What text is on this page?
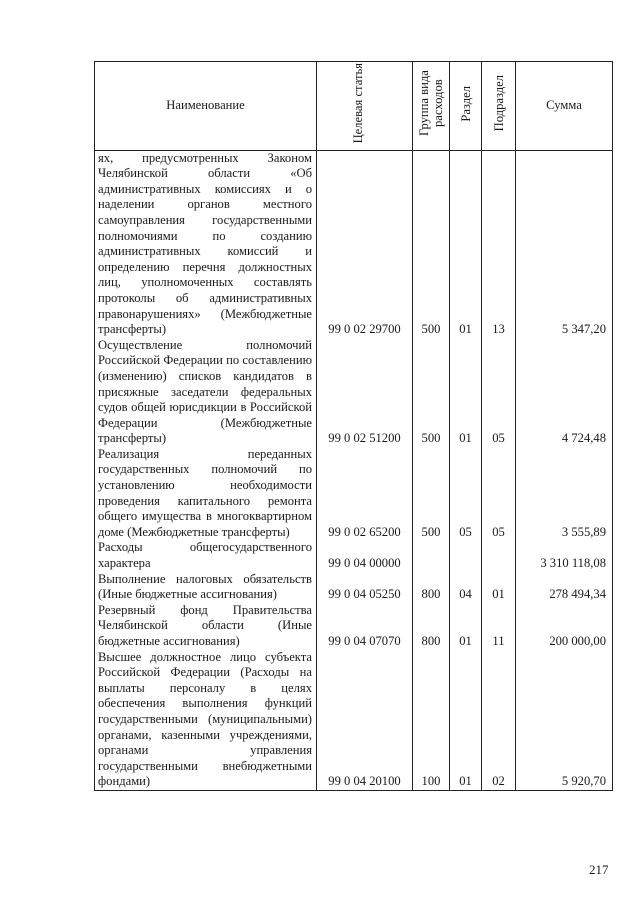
Наименование	Целевая статья	Группа вида расходов	Раздел	Подраздел	Сумма
ях, предусмотренных Законом Челябинской области «Об административных комиссиях и о наделении органов местного самоуправления государственными полномочиями по созданию административных комиссий и определению перечня должностных лиц, уполномоченных составлять протоколы об административных правонарушениях» (Межбюджетные трансферты)	99 0 02 29700	500	01	13	5 347,20
Осуществление полномочий Российской Федерации по составлению (изменению) списков кандидатов в присяжные заседатели федеральных судов общей юрисдикции в Российской Федерации (Межбюджетные трансферты)	99 0 02 51200	500	01	05	4 724,48
Реализация переданных государственных полномочий по установлению необходимости проведения капитального ремонта общего имущества в многоквартирном доме (Межбюджетные трансферты)	99 0 02 65200	500	05	05	3 555,89
Расходы общегосударственного характера	99 0 04 00000				3 310 118,08
Выполнение налоговых обязательств (Иные бюджетные ассигнования)	99 0 04 05250	800	04	01	278 494,34
Резервный фонд Правительства Челябинской области (Иные бюджетные ассигнования)	99 0 04 07070	800	01	11	200 000,00
Высшее должностное лицо субъекта Российской Федерации (Расходы на выплаты персоналу в целях обеспечения выполнения функций государственными (муниципальными) органами, казенными учреждениями, органами управления государственными внебюджетными фондами)	99 0 04 20100	100	01	02	5 920,70
217
